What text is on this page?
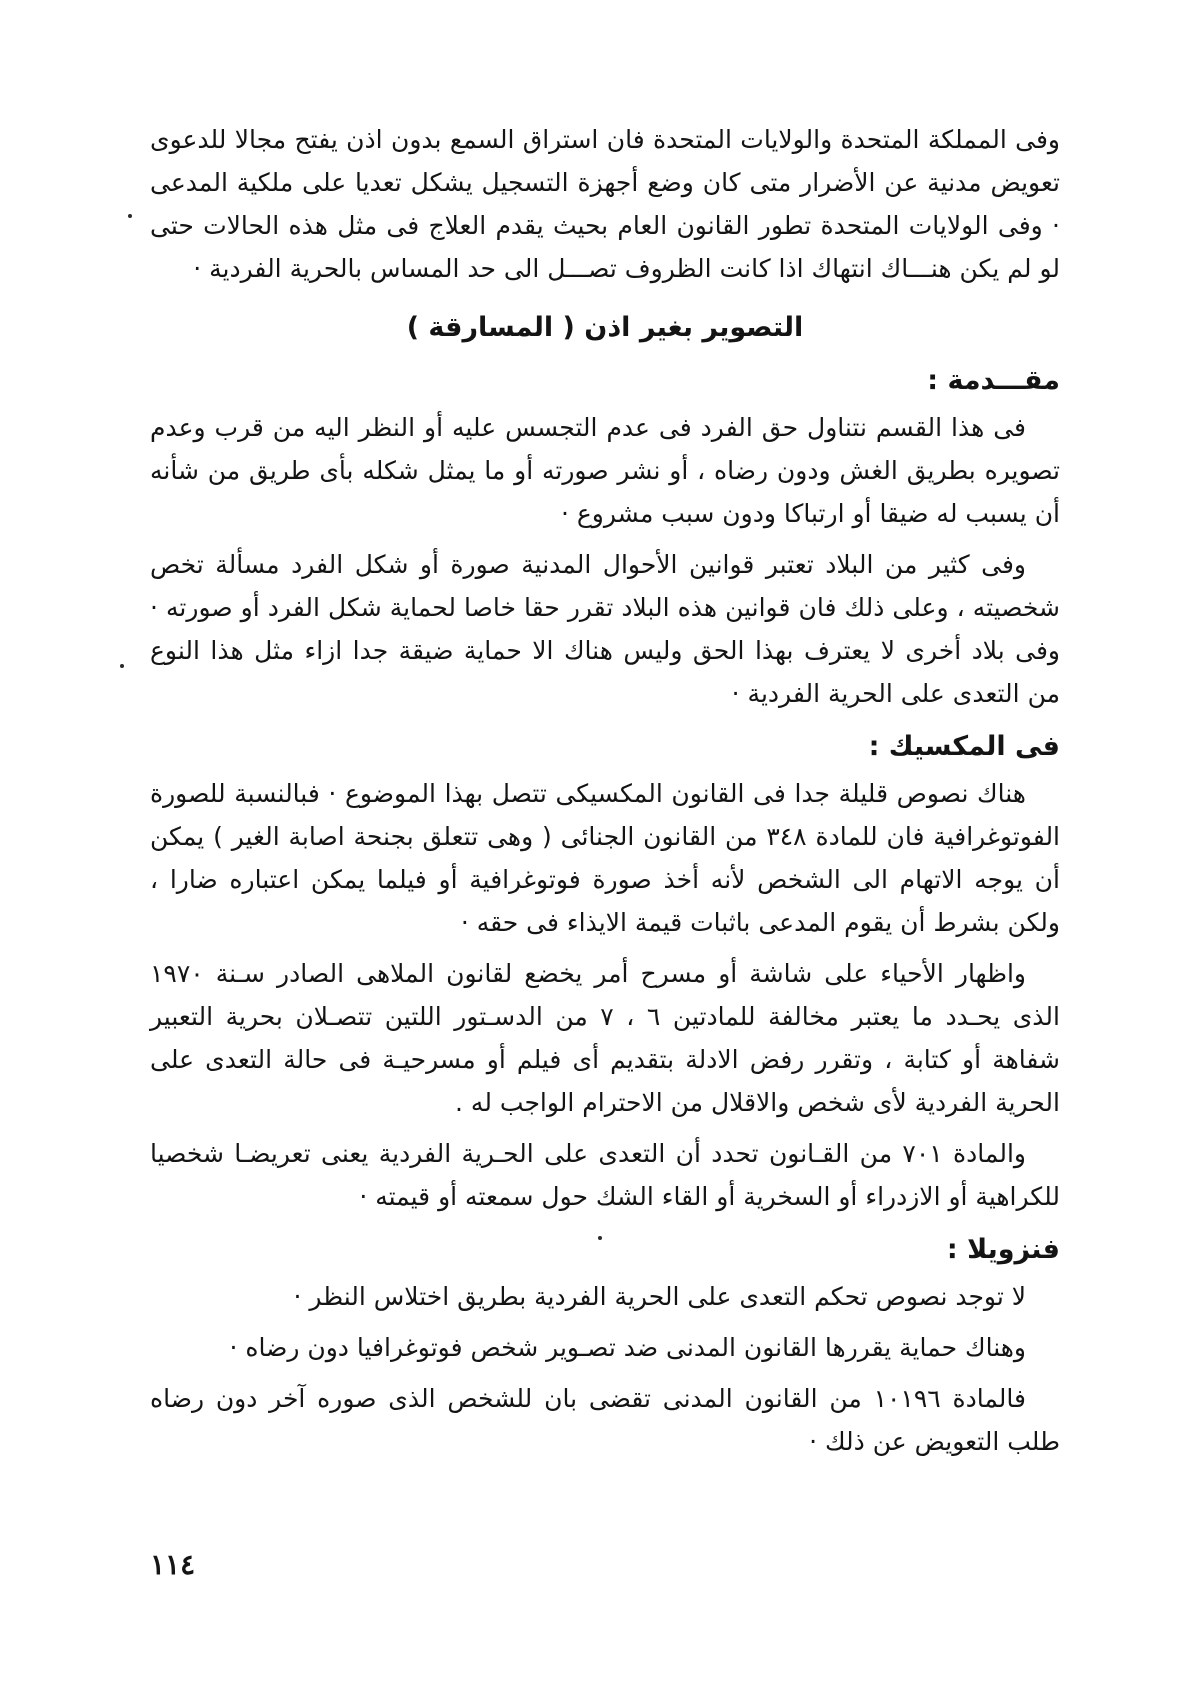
وفى المملكة المتحدة والولايات المتحدة فان استراق السمع بدون اذن يفتح مجالا للدعوى تعويض مدنية عن الأضرار متى كان وضع أجهزة التسجيل يشكل تعديا على ملكية المدعى · وفى الولايات المتحدة تطور القانون العام بحيث يقدم العلاج فى مثل هذه الحالات حتى لو لم يكن هنـــاك انتهاك اذا كانت الظروف تصـــل الى حد المساس بالحرية الفردية ·

التصوير بغير اذن ( المسارقة )
مقـــدمة :

فى هذا القسم نتناول حق الفرد فى عدم التجسس عليه أو النظر اليه من قرب وعدم تصويره بطريق الغش ودون رضاه ، أو نشر صورته أو ما يمثل شكله بأى طريق من شأنه أن يسبب له ضيقا أو ارتباكا ودون سبب مشروع ·

وفى كثير من البلاد تعتبر قوانين الأحوال المدنية صورة أو شكل الفرد مسألة تخص شخصيته ، وعلى ذلك فان قوانين هذه البلاد تقرر حقا خاصا لحماية شكل الفرد أو صورته · وفى بلاد أخرى لا يعترف بهذا الحق وليس هناك الا حماية ضيقة جدا ازاء مثل هذا النوع من التعدى على الحرية الفردية ·

فى المكسيك :

هناك نصوص قليلة جدا فى القانون المكسيكى تتصل بهذا الموضوع · فبالنسبة للصورة الفوتوغرافية فان للمادة ٣٤٨ من القانون الجنائى ( وهى تتعلق بجنحة اصابة الغير ) يمكن أن يوجه الاتهام الى الشخص لأنه أخذ صورة فوتوغرافية أو فيلما يمكن اعتباره ضارا ، ولكن بشرط أن يقوم المدعى باثبات قيمة الايذاء فى حقه ·

واظهار الأحياء على شاشة أو مسرح أمر يخضع لقانون الملاهى الصادر سـنة ١٩٧٠ الذى يحـدد ما يعتبر مخالفة للمادتين ٦ ، ٧ من الدسـتور اللتين تتصـلان بحرية التعبير شفاهة أو كتابة ، وتقرر رفض الادلة بتقديم أى فيلم أو مسرحيـة فى حالة التعدى على الحرية الفردية لأى شخص والاقلال من الاحترام الواجب له .

والمادة ٧٠١ من القـانون تحدد أن التعدى على الحـرية الفردية يعنى تعريضـا شخصيا للكراهية أو الازدراء أو السخرية أو القاء الشك حول سمعته أو قيمته ·

فنزويلا :

لا توجد نصوص تحكم التعدى على الحرية الفردية بطريق اختلاس النظر ·

وهناك حماية يقررها القانون المدنى ضد تصـوير شخص فوتوغرافيا دون رضاه ·

فالمادة ١٠١٩٦ من القانون المدنى تقضى بان للشخص الذى صوره آخر دون رضاه طلب التعويض عن ذلك ·

١١٤
